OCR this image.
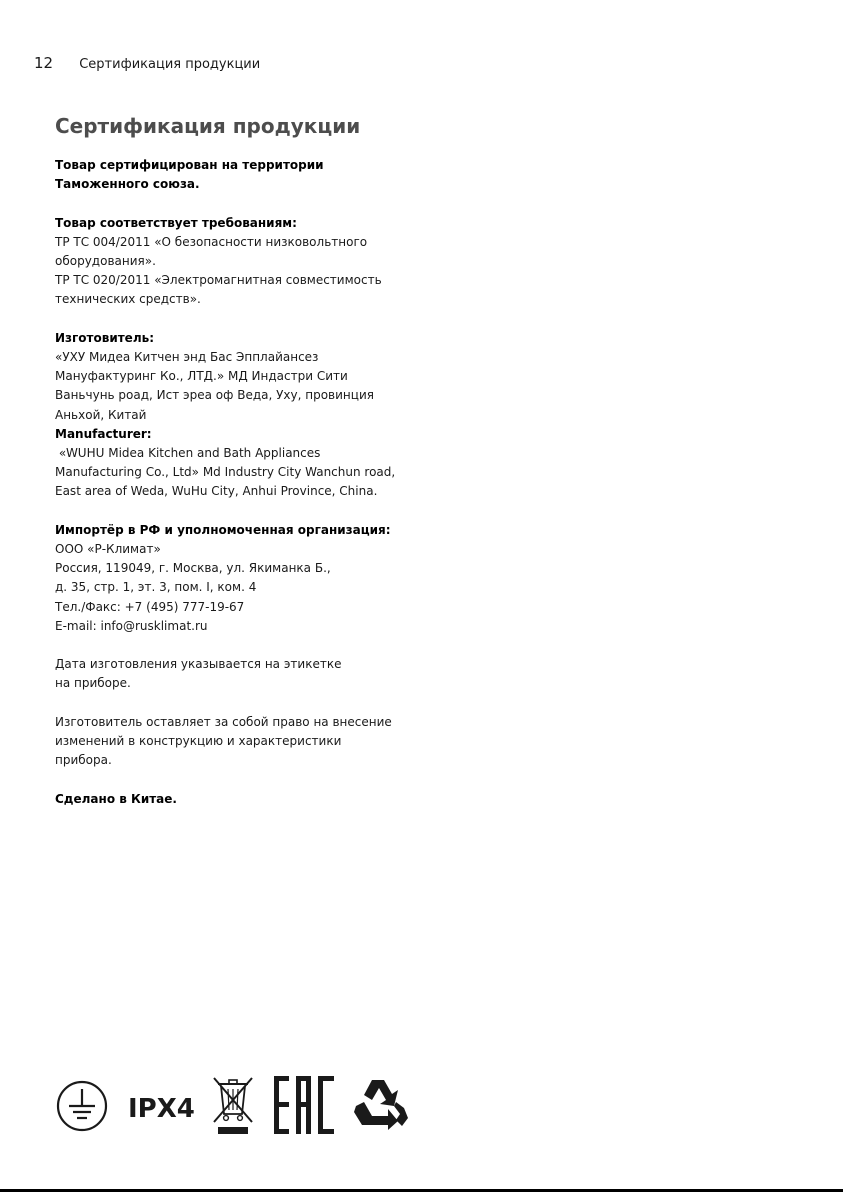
12 Сертификация продукции
Сертификация продукции
Товар сертифицирован на территории
Таможенного союза.
Товар соответствует требованиям:
ТР ТС 004/2011 «О безопасности низковольтного
оборудования».
ТР ТС 020/2011 «Электромагнитная совместимость
технических средств».
Изготовитель:
«УХУ Мидеа Китчен энд Бас Эпплайансез
Мануфактуринг Ко., ЛТД.» МД Индастри Сити
Ваньчунь роад, Ист эреа оф Веда, Уху, провинция
Аньхой, Китай
Manufacturer:
«WUHU Midea Kitchen and Bath Appliances
Manufacturing Co., Ltd» Md Industry City Wanchun road,
East area of Weda, WuHu City, Anhui Province, China.
Импортёр в РФ и уполномоченная организация:
ООО «Р-Климат»
Россия, 119049, г. Москва, ул. Якиманка Б.,
д. 35, стр. 1, эт. 3, пом. I, ком. 4
Тел./Факс: +7 (495) 777-19-67
E-mail: info@rusklimat.ru
Дата изготовления указывается на этикетке
на приборе.
Изготовитель оставляет за собой право на внесение
изменений в конструкцию и характеристики
прибора.
Сделано в Китае.
IPX4
